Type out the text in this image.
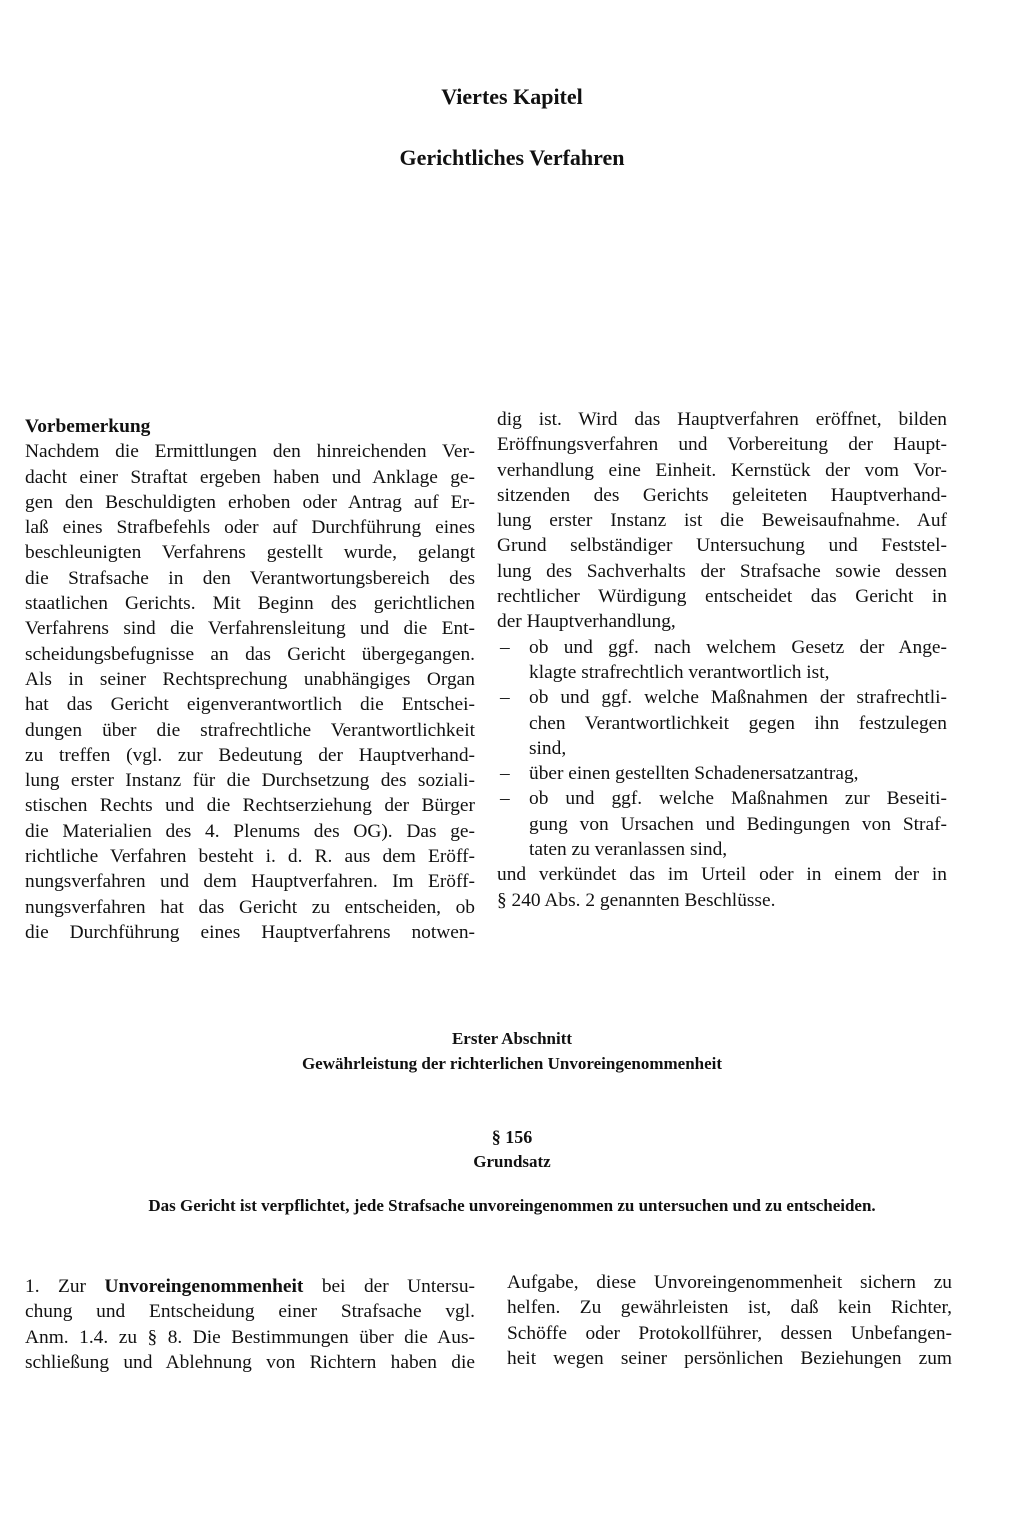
Viertes Kapitel
Gerichtliches Verfahren
Vorbemerkung
Nachdem die Ermittlungen den hinreichenden Ver-
dacht einer Straftat ergeben haben und Anklage ge-
gen den Beschuldigten erhoben oder Antrag auf Er-
laß eines Strafbefehls oder auf Durchführung eines
beschleunigten Verfahrens gestellt wurde, gelangt
die Strafsache in den Verantwortungsbereich des
staatlichen Gerichts. Mit Beginn des gerichtlichen
Verfahrens sind die Verfahrensleitung und die Ent-
scheidungsbefugnisse an das Gericht übergegangen.
Als in seiner Rechtsprechung unabhängiges Organ
hat das Gericht eigenverantwortlich die Entschei-
dungen über die strafrechtliche Verantwortlichkeit
zu treffen (vgl. zur Bedeutung der Hauptverhand-
lung erster Instanz für die Durchsetzung des soziali-
stischen Rechts und die Rechtserziehung der Bürger
die Materialien des 4. Plenums des OG). Das ge-
richtliche Verfahren besteht i. d. R. aus dem Eröff-
nungsverfahren und dem Hauptverfahren. Im Eröff-
nungsverfahren hat das Gericht zu entscheiden, ob
die Durchführung eines Hauptverfahrens notwen-
dig ist. Wird das Hauptverfahren eröffnet, bilden
Eröffnungsverfahren und Vorbereitung der Haupt-
verhandlung eine Einheit. Kernstück der vom Vor-
sitzenden des Gerichts geleiteten Hauptverhand-
lung erster Instanz ist die Beweisaufnahme. Auf
Grund selbständiger Untersuchung und Feststel-
lung des Sachverhalts der Strafsache sowie dessen
rechtlicher Würdigung entscheidet das Gericht in
der Hauptverhandlung,
– ob und ggf. nach welchem Gesetz der Ange-
klagte strafrechtlich verantwortlich ist,
– ob und ggf. welche Maßnahmen der strafrechtli-
chen Verantwortlichkeit gegen ihn festzulegen
sind,
– über einen gestellten Schadenersatzantrag,
– ob und ggf. welche Maßnahmen zur Beseiti-
gung von Ursachen und Bedingungen von Straf-
taten zu veranlassen sind,
und verkündet das im Urteil oder in einem der in
§ 240 Abs. 2 genannten Beschlüsse.
Erster Abschnitt
Gewährleistung der richterlichen Unvoreingenommenheit
§ 156
Grundsatz
Das Gericht ist verpflichtet, jede Strafsache unvoreingenommen zu untersuchen und zu entscheiden.
1. Zur Unvoreingenommenheit bei der Untersu-
chung und Entscheidung einer Strafsache vgl.
Anm. 1.4. zu § 8. Die Bestimmungen über die Aus-
schließung und Ablehnung von Richtern haben die
Aufgabe, diese Unvoreingenommenheit sichern zu
helfen. Zu gewährleisten ist, daß kein Richter,
Schöffe oder Protokollführer, dessen Unbefangen-
heit wegen seiner persönlichen Beziehungen zum
